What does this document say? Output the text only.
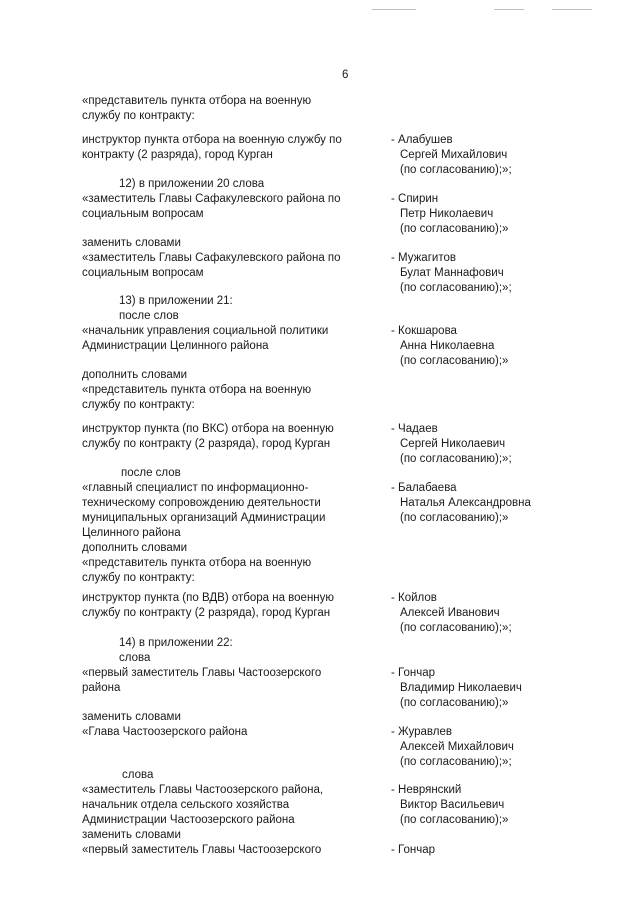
6
«представитель пункта отбора на военную
службу по контракту:
инструктор пункта отбора на военную службу по
контракту (2 разряда), город Курган
12) в приложении 20 слова
«заместитель Главы Сафакулевского района по
социальным вопросам
заменить словами
«заместитель Главы Сафакулевского района по
социальным вопросам
13) в приложении 21:
после слов
«начальник управления социальной политики
Администрации Целинного района
дополнить словами
«представитель пункта отбора на военную
службу по контракту:
инструктор пункта (по ВКС) отбора на военную
службу по контракту (2 разряда), город Курган
после слов
«главный специалист по информационно-
техническому сопровождению деятельности
муниципальных организаций Администрации
Целинного района
дополнить словами
«представитель пункта отбора на военную
службу по контракту:
инструктор пункта (по ВДВ) отбора на военную
службу по контракту (2 разряда), город Курган
14) в приложении 22:
слова
«первый заместитель Главы Частоозерского
района
заменить словами
«Глава Частоозерского района
слова
«заместитель Главы Частоозерского района,
начальник отдела сельского хозяйства
Администрации Частоозерского района
заменить словами
«первый заместитель Главы Частоозерского
- Алабушев
Сергей Михайлович
(по согласованию);»;
- Спирин
Петр Николаевич
(по согласованию);»
- Мужагитов
Булат Маннафович
(по согласованию);»;
- Кокшарова
Анна Николаевна
(по согласованию);»
- Чадаев
Сергей Николаевич
(по согласованию);»;
- Балабаева
Наталья Александровна
(по согласованию);»
- Койлов
Алексей Иванович
(по согласованию);»;
- Гончар
Владимир Николаевич
(по согласованию);»
- Журавлев
Алексей Михайлович
(по согласованию);»;
- Неврянский
Виктор Васильевич
(по согласованию);»
- Гончар
